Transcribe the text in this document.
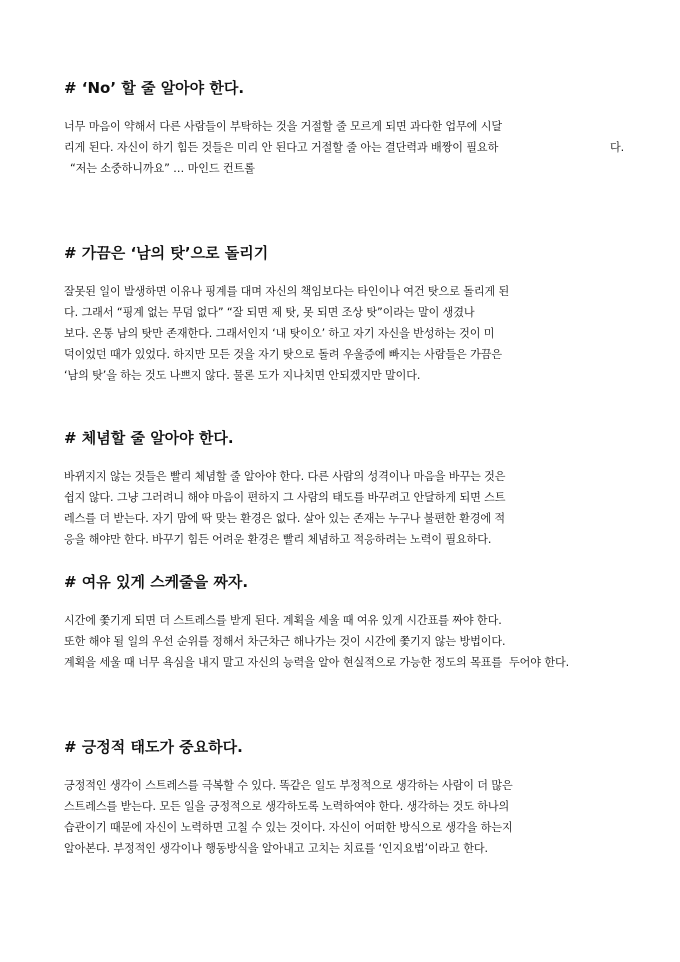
# ‘No’ 할 줄 알아야 한다.

너무 마음이 약해서 다른 사람들이 부탁하는 것을 거절할 줄 모르게 되면 과다한 업무에 시달 리게 된다. 자신이 하기 힘든 것들은 미리 안 된다고 거절할 줄 아는 결단력과 배짱이 필요하	다. “저는 소중하니까요” … 마인드 컨트롤

# 가끔은 ‘남의 탓’으로 돌리기

잘못된 일이 발생하면 이유나 핑계를 대며 자신의 책임보다는 타인이나 여건 탓으로 돌리게 된 다. 그래서 “핑계 없는 무덤 없다” “잘 되면 제 탓, 못 되면 조상 탓”이라는 말이 생겼나 보다. 온통 남의 탓만 존재한다. 그래서인지 ‘내 탓이오’ 하고 자기 자신을 반성하는 것이 미 덕이었던 때가 있었다. 하지만 모든 것을 자기 탓으로 돌려 우울증에 빠지는 사람들은 가끔은 ‘남의 탓’을 하는 것도 나쁘지 않다. 물론 도가 지나치면 안되겠지만 말이다.

# 체념할 줄 알아야 한다.

바뀌지지 않는 것들은 빨리 체념할 줄 알아야 한다. 다른 사람의 성격이나 마음을 바꾸는 것은 쉽지 않다. 그냥 그러려니 해야 마음이 편하지 그 사람의 태도를 바꾸려고 안달하게 되면 스트 레스를 더 받는다. 자기 맘에 딱 맞는 환경은 없다. 살아 있는 존재는 누구나 불편한 환경에 적 응을 해야만 한다. 바꾸기 힘든 어려운 환경은 빨리 체념하고 적응하려는 노력이 필요하다.

# 여유 있게 스케줄을 짜자.

시간에 쫓기게 되면 더 스트레스를 받게 된다. 계획을 세울 때 여유 있게 시간표를 짜야 한다. 또한 해야 될 일의 우선 순위를 정해서 차근차근 해나가는 것이 시간에 쫓기지 않는 방법이다. 계획을 세울 때 너무 욕심을 내지 말고 자신의 능력을 알아 현실적으로 가능한 정도의 목표를 두어야 한다.

# 긍정적 태도가 중요하다.

긍정적인 생각이 스트레스를 극복할 수 있다. 똑같은 일도 부정적으로 생각하는 사람이 더 많은 스트레스를 받는다. 모든 일을 긍정적으로 생각하도록 노력하여야 한다. 생각하는 것도 하나의 습관이기 때문에 자신이 노력하면 고칠 수 있는 것이다. 자신이 어떠한 방식으로 생각을 하는지 알아본다. 부정적인 생각이나 행동방식을 알아내고 고치는 치료를 ‘인지요법’이라고 한다.
